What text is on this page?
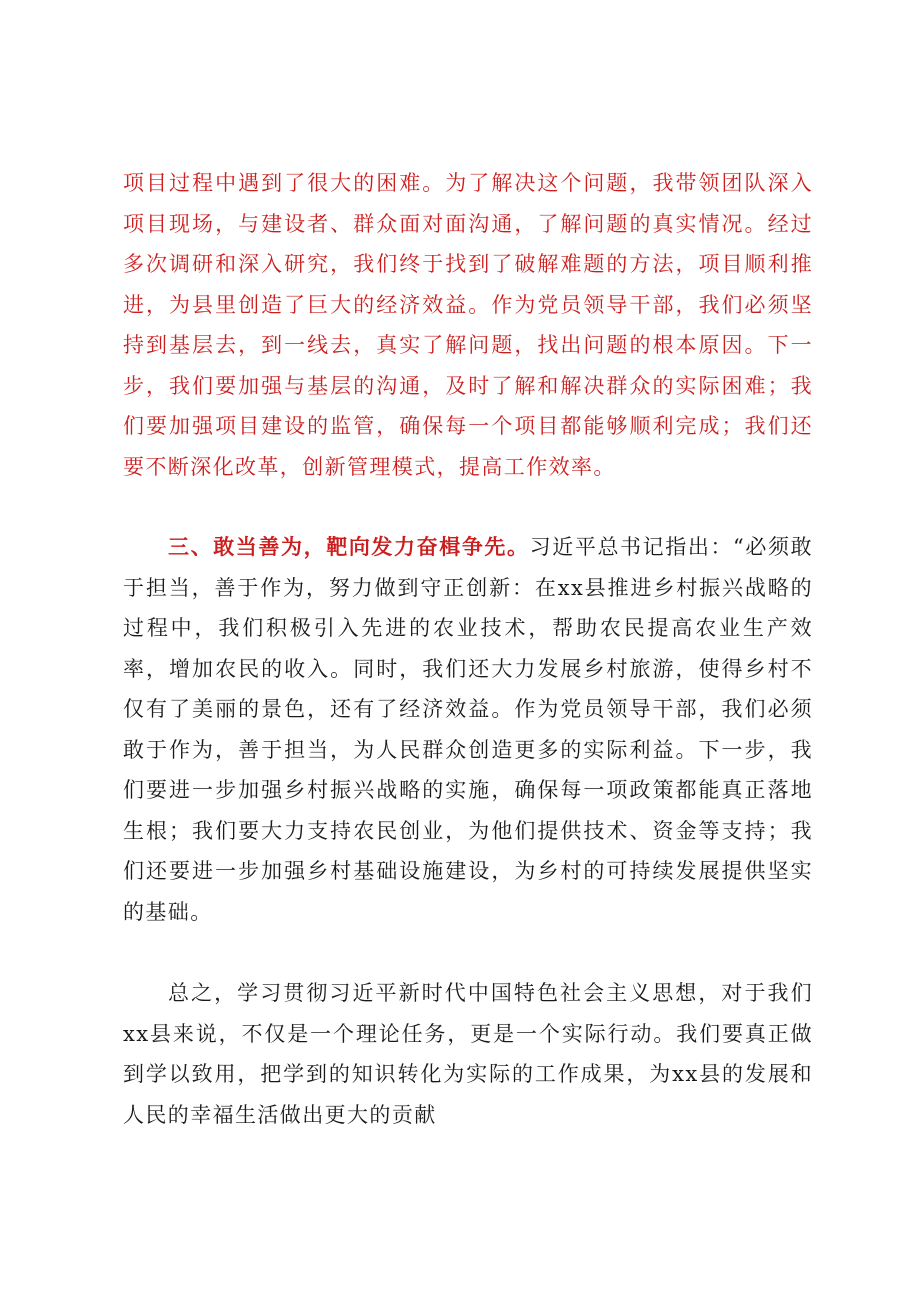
项目过程中遇到了很大的困难。为了解决这个问题，我带领团队深入项目现场，与建设者、群众面对面沟通，了解问题的真实情况。经过多次调研和深入研究，我们终于找到了破解难题的方法，项目顺利推进，为县里创造了巨大的经济效益。作为党员领导干部，我们必须坚持到基层去，到一线去，真实了解问题，找出问题的根本原因。下一步，我们要加强与基层的沟通，及时了解和解决群众的实际困难；我们要加强项目建设的监管，确保每一个项目都能够顺利完成；我们还要不断深化改革，创新管理模式，提高工作效率。

三、敢当善为，靶向发力奋楫争先。习近平总书记指出：“必须敢于担当，善于作为，努力做到守正创新：在xx县推进乡村振兴战略的过程中，我们积极引入先进的农业技术，帮助农民提高农业生产效率，增加农民的收入。同时，我们还大力发展乡村旅游，使得乡村不仅有了美丽的景色，还有了经济效益。作为党员领导干部，我们必须敢于作为，善于担当，为人民群众创造更多的实际利益。下一步，我们要进一步加强乡村振兴战略的实施，确保每一项政策都能真正落地生根；我们要大力支持农民创业，为他们提供技术、资金等支持；我们还要进一步加强乡村基础设施建设，为乡村的可持续发展提供坚实的基础。

总之，学习贯彻习近平新时代中国特色社会主义思想，对于我们xx县来说，不仅是一个理论任务，更是一个实际行动。我们要真正做到学以致用，把学到的知识转化为实际的工作成果，为xx县的发展和人民的幸福生活做出更大的贡献
